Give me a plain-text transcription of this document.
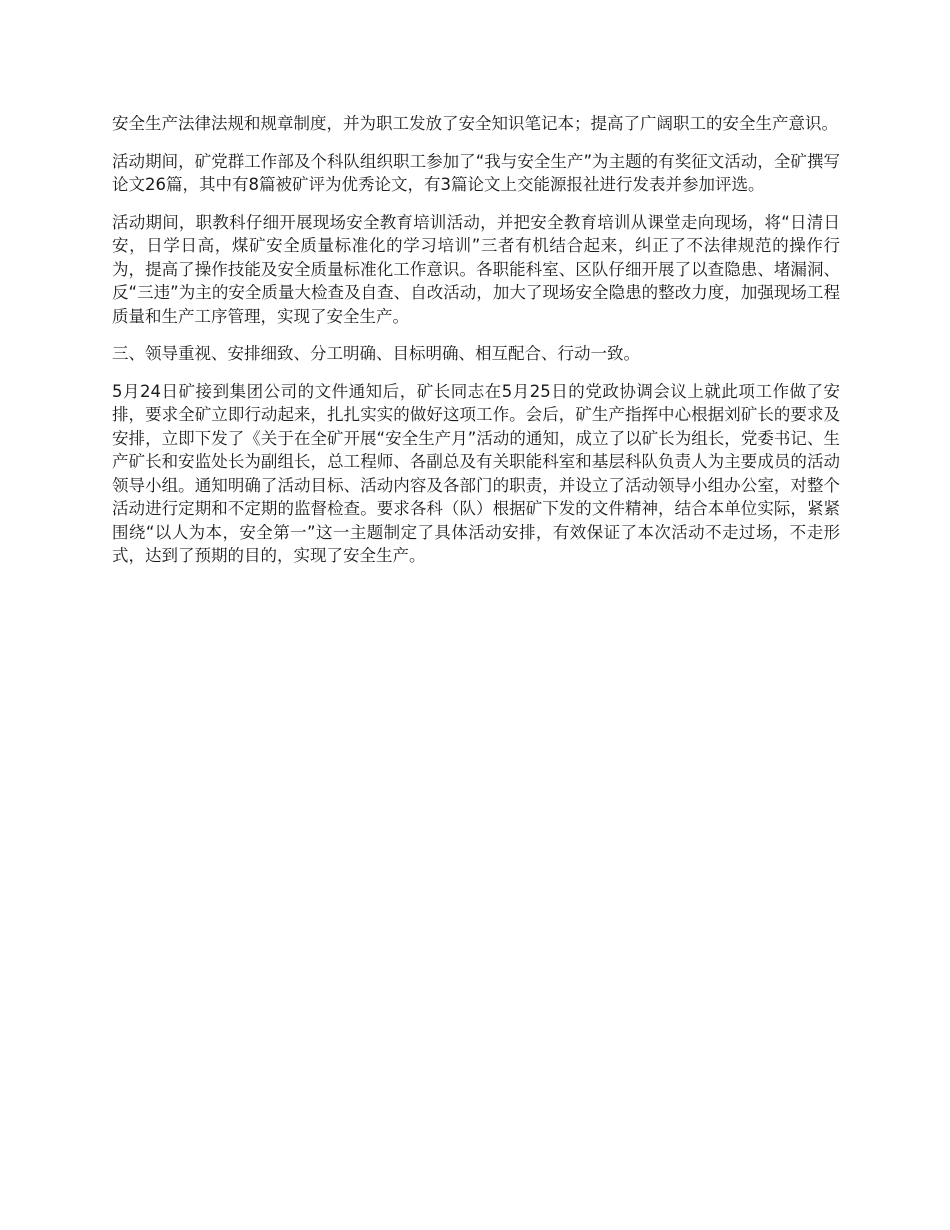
安全生产法律法规和规章制度，并为职工发放了安全知识笔记本；提高了广阔职工的安全生产意识。

活动期间，矿党群工作部及个科队组织职工参加了“我与安全生产”为主题的有奖征文活动，全矿撰写论文26篇，其中有8篇被矿评为优秀论文，有3篇论文上交能源报社进行发表并参加评选。

活动期间，职教科仔细开展现场安全教育培训活动，并把安全教育培训从课堂走向现场，将“日清日安，日学日高，煤矿安全质量标准化的学习培训”三者有机结合起来，纠正了不法律规范的操作行为，提高了操作技能及安全质量标准化工作意识。各职能科室、区队仔细开展了以查隐患、堵漏洞、反“三违”为主的安全质量大检查及自查、自改活动，加大了现场安全隐患的整改力度，加强现场工程质量和生产工序管理，实现了安全生产。

三、领导重视、安排细致、分工明确、目标明确、相互配合、行动一致。

5月24日矿接到集团公司的文件通知后，矿长同志在5月25日的党政协调会议上就此项工作做了安排，要求全矿立即行动起来，扎扎实实的做好这项工作。会后，矿生产指挥中心根据刘矿长的要求及安排，立即下发了《关于在全矿开展“安全生产月”活动的通知，成立了以矿长为组长，党委书记、生产矿长和安监处长为副组长，总工程师、各副总及有关职能科室和基层科队负责人为主要成员的活动领导小组。通知明确了活动目标、活动内容及各部门的职责，并设立了活动领导小组办公室，对整个活动进行定期和不定期的监督检查。要求各科（队）根据矿下发的文件精神，结合本单位实际，紧紧围绕“以人为本，安全第一”这一主题制定了具体活动安排，有效保证了本次活动不走过场，不走形式，达到了预期的目的，实现了安全生产。
